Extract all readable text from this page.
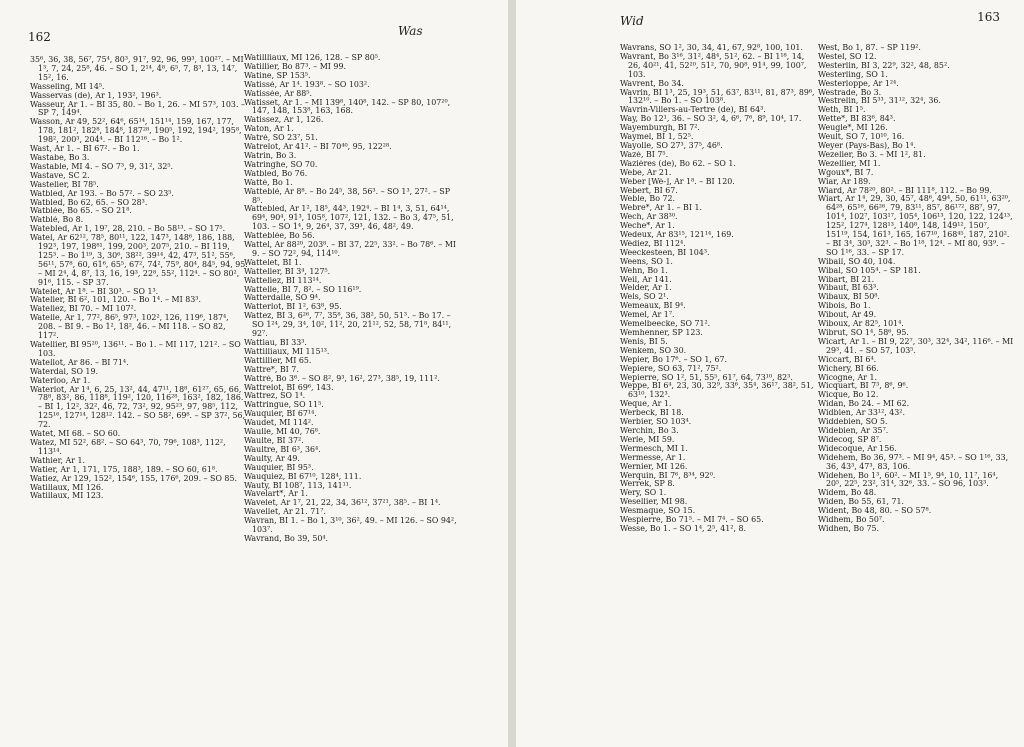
162	Was
35⁶, 36, 38, 56⁷, 75⁴, 80³, 91⁷, 92, 96, 99³, 100²⁷. – MI 1³, 7, 24, 25⁸, 46. – SO 1, 2¹⁴, 4⁸, 6⁵, 7, 8³, 13, 14⁷, 15², 16.
Wasseling, MI 14⁵.
Wasservas (de), Ar 1, 193², 196³.
Wasseur, Ar 1. – BI 35, 80. – Bo 1, 26. – MI 57³, 103. – SP 7, 149⁴.
Wasson, Ar 49, 52², 64⁶, 65¹⁴, 151¹⁴, 159, 167, 177, 178, 181², 182⁸, 184⁸, 187²⁸, 190⁵, 192, 194², 195⁸, 198², 200³, 204⁴. – BI 112¹⁶. – Bo 1².
Wast, Ar 1. – BI 67². – Bo 1.
Wastabe, Bo 3.
Wastable, MI 4. – SO 7³, 9, 31², 32⁵.
Wastave, SC 2.
Wastelier, BI 78⁵.
Watbled, Ar 193. – Bo 57². – SO 23⁵.
Watbled, Bo 62, 65. – SO 28³.
Watblée, Bo 65. – SO 21⁸.
Watblé, Bo 8.
Watebled, Ar 1, 19⁷, 28, 210. – Bo 58¹³. – SO 17⁵.
Watel, Ar 62¹², 78⁵, 80¹¹, 122, 147³, 148⁶, 186, 188, 192³, 197, 198⁸¹, 199, 200³, 207⁵, 210. – BI 119, 125³. – Bo 1¹⁹, 3, 30⁶, 38²², 39¹⁴, 42, 47³, 51², 55⁶, 56¹¹, 57⁸, 60, 61⁶, 65⁵, 67², 74², 75⁹, 80⁴, 84⁵, 94, 95. – MI 2⁴, 4, 8⁷, 13, 16, 19³, 22⁸, 55², 112⁴. – SO 80², 91⁶, 115. – SP 37.
Watelet, Ar 1⁸. – BI 30³. – SO 1³.
Watelier, BI 6², 101, 120. – Bo 1⁴. – MI 83³.
Wateliez, BI 70. – MI 107².
Watelle, Ar 1, 77², 86⁵, 97³, 102², 126, 119⁶, 187⁴, 208. – BI 9. – Bo 1², 18², 46. – MI 118. – SO 82, 117².
Watellier, BI 95²⁰, 136¹¹. – Bo 1. – MI 117, 121². – SO 103.
Watellot, Ar 86. – BI 71⁴.
Waterdal, SO 19.
Waterloo, Ar 1.
Waterlot, Ar 1⁴, 6, 25, 13², 44, 47¹¹, 18⁸, 61²⁷, 65, 66, 78⁸, 83², 86, 118⁸, 119², 120, 116²⁸, 163², 182, 186. – BI 1, 12², 32², 46, 72, 73², 92, 95²³, 97, 98⁵, 112, 125¹⁶, 127¹⁴, 128¹². 142. – SO 58², 69⁸. – SP 37², 56, 72.
Watet, MI 68. – SO 60.
Watez, MI 52², 68². – SO 64³, 70, 79⁶, 108³, 112², 113¹⁴.
Wathier, Ar 1.
Watier, Ar 1, 171, 175, 188³, 189. – SO 60, 61⁸.
Watiez, Ar 129, 152², 154⁶, 155, 176⁶, 209. – SO 85.
Watillaux, MI 126.
Watillaux, MI 123.
Watillliaux, MI 126, 128. – SP 80⁵.
Watillier, Bo 87³. – MI 99.
Watine, SP 153⁵.
Watissé, Ar 1⁴. 193⁸. – SO 103².
Watissée, Ar 88⁵.
Watisset, Ar 1. – MI 139⁸, 140⁸, 142. – SP 80, 107²⁰, 147, 148, 153⁸, 163, 168.
Watissez, Ar 1, 126.
Waton, Ar 1.
Watré, SO 23⁷, 51.
Watrelot, Ar 41². – BI 70⁴⁰, 95, 122²⁸.
Watrin, Bo 3.
Watringhe, SO 70.
Watbled, Bo 76.
Watté, Bo 1.
Watteblé, Ar 8⁸. – Bo 24⁵, 38, 56³. – SO 1³, 27². – SP 8⁵.
Wattebled, Ar 1², 18⁵, 44³, 192⁴. – BI 1⁴, 3, 51, 64¹⁴, 69⁴, 90⁴, 91³, 105⁸, 107², 121, 132. – Bo 3, 47⁵, 51, 103. – SO 1⁴, 9, 26⁴, 37, 39³, 46, 48², 49.
Watteblée, Bo 56.
Wattel, Ar 88²⁰, 203⁸. – BI 37, 22⁵, 33². – Bo 78⁶. – MI 9. – SO 72², 94, 114¹⁰.
Wattelet, BI 1.
Watteller, BI 3⁴, 127⁵.
Watteliez, BI 113¹⁴.
Wattelle, BI 7, 8². – SO 116¹⁹.
Watterdalle, SO 9⁴.
Watterlot, BI 1², 63⁸, 95.
Wattez, BI 3, 6²⁶, 7⁷, 35⁸, 36, 38², 50, 51³. – Bo 17. – SO 1²⁴, 29, 3⁴, 10², 11², 20, 21¹², 52, 58, 71⁸, 84¹¹, 92⁷.
Wattiau, BI 33³.
Wattilliaux, MI 115¹³.
Wattillier, MI 65.
Wattre*, BI 7.
Wattré, Bo 3⁶. – SO 8², 9³, 16², 27³, 38⁵, 19, 111².
Wattrelot, BI 69⁶, 143.
Wattrez, SO 1⁴.
Wattringue, SO 11⁵.
Wauquier, BI 67¹⁴.
Waudet, MI 114².
Waulle, MI 40, 76⁸.
Waulte, BI 37².
Waultre, BI 6³, 36⁴.
Waulty, Ar 49.
Wauquier, BI 95³.
Wauquiez, BI 67¹⁰, 128⁴, 111.
Wauty, BI 108⁷, 113, 141¹¹.
Wavelart*, Ar 1.
Wavelet, Ar 1⁷, 21, 22, 34, 36¹², 37²¹, 38⁵. – BI 1⁴.
Wavellet, Ar 21. 71⁷.
Wavran, BI 1. – Bo 1, 3¹⁰, 36², 49. – MI 126. – SO 94², 103⁷.
Wavrand, Bo 39, 50⁴.
163
Wid
Wavrans, SO 1², 30, 34, 41, 67, 92⁸, 100, 101.
Wavrant, Bo 3¹⁶, 31², 48⁴, 51², 62. – BI 1¹⁸, 14, 26, 40²¹, 41, 52²⁰, 51², 70, 90⁸, 91⁴, 99, 100⁷, 103.
Wavrent, Bo 34.
Wavrin, BI 1³, 25, 19³, 51, 63⁷, 83¹¹, 81, 87³, 89⁶, 132¹⁰. – Bo 1. – SO 103⁸.
Wavrin-Villers-au-Tertre (de), BI 64³.
Way, Bo 12¹, 36. – SO 3², 4, 6⁶, 7⁶, 8⁹, 10⁴, 17.
Wayemburgh, BI 7².
Waymel, BI 1, 52⁵.
Wayolle, SO 27³, 37⁵, 46⁸.
Wazé, BI 7⁵.
Wazières (de), Bo 62. – SO 1.
Webe, Ar 21.
Weber [Wé-], Ar 1⁸. – BI 120.
Webert, BI 67.
Weble, Bo 72.
Webre*, Ar 1. – BI 1.
Wech, Ar 38³⁰.
Weche*, Ar 1.
Wedeux, Ar 83¹⁵, 121¹⁴, 169.
Wédiez, BI 112⁴.
Weeckesteen, BI 104³.
Weens, SO 1.
Wehn, Bo 1.
Weil, Ar 141.
Welder, Ar 1.
Wels, SO 2¹.
Wemeaux, BI 9⁴.
Wemel, Ar 1⁷.
Wemelbeecke, SO 71².
Wemhenner, SP 123.
Wenis, BI 5.
Wenkem, SO 30.
Wepier, Bo 17⁶. – SO 1, 67.
Wepiere, SO 63, 71², 75².
Wepierre, SO 1², 51, 55⁵, 61⁷, 64, 73¹⁰, 82³.
Weppe, BI 6⁴, 23, 30, 32⁹, 33⁶, 35⁴, 36¹⁷, 38², 51, 63¹⁰, 132³.
Weque, Ar 1.
Werbeck, BI 18.
Werbier, SO 103⁴.
Werchin, Bo 3.
Werle, MI 59.
Wermesch, MI 1.
Wermesse, Ar 1.
Wernier, MI 126.
Werquin, BI 7⁶, 8³⁴, 92⁰.
Werrek, SP 8.
Wery, SO 1.
Wesellier, MI 98.
Wesmaque, SO 15.
Wespierre, Bo 71⁵. – MI 7⁴. – SO 65.
Wesse, Bo 1. – SO 1⁴, 2⁵, 41², 8.
West, Bo 1, 87. – SP 119².
Westel, SO 12.
Westerlin, BI 3, 22⁹, 32², 48, 85².
Westerling, SO 1.
Westerloppe, Ar 1²⁴.
Westrade, Bo 3.
Westrelin, BI 5³³, 31¹², 32⁴, 36.
Weth, BI 1⁵.
Wette*, BI 83⁶, 84³.
Weugle*, MI 126.
Weult, SO 7, 10¹⁰, 16.
Weyer (Pays-Bas), Bo 1⁴.
Wezelier, Bo 3. – MI 1², 81.
Wezellier, MI 1.
Wgoux*, BI 7.
Wiar, Ar 189.
Wiard, Ar 78²⁰, 80². – BI 111⁸, 112. – Bo 99.
Wiart, Ar 1⁴, 29, 30, 45⁷, 48⁶, 49⁴, 50, 61¹¹, 63²⁰, 64²⁸, 65¹⁶, 66²⁶, 79, 83¹¹, 85⁷, 86¹⁷², 88⁷, 97, 101⁴, 102⁷, 103¹⁷, 105⁴, 106¹³, 120, 122, 124¹³, 125², 127⁴, 128¹³, 140⁸, 148, 149¹², 150⁷, 151¹⁹, 154, 161³, 165, 167¹⁰, 168⁴⁵, 187, 210². – BI 3⁴, 30³, 32³. – Bo 1¹⁸, 12⁴. – MI 80, 93⁹. – SO 1¹⁶, 33. – SP 17.
Wibail, SO 40, 104.
Wibal, SO 105⁴. – SP 181.
Wibart, BI 21.
Wibaut, BI 63³.
Wibaux, BI 50⁸.
Wibois, Bo 1.
Wibout, Ar 49.
Wiboux, Ar 82⁵, 101⁴.
Wibrut, SO 1⁴, 58⁶, 95.
Wicart, Ar 1. – BI 9, 22⁷, 30³, 32⁴, 34², 116⁶. – MI 29³, 41. – SO 57, 103⁵.
Wiccart, BI 6⁴.
Wichery, BI 66.
Wicogne, Ar 1.
Wicquart, BI 7³, 8⁶, 9⁶.
Wicque, Bo 12.
Widan, Bo 24. – MI 62.
Widbien, Ar 33¹², 43².
Widdebien, SO 5.
Widebien, Ar 35⁷.
Widecoq, SP 8⁷.
Widecoque, Ar 156.
Widehem, Bo 36, 97³. – MI 9⁴, 45³. – SO 1¹⁶, 33, 36, 43³, 47³, 83, 106.
Widehen, Bo 1³, 60². – MI 1⁵, 9⁴, 10, 11⁷, 16⁴, 20⁵, 22⁵, 23², 31⁴, 32⁶, 33. – SO 96, 103³.
Widem, Bo 48.
Widen, Bo 55, 61, 71.
Wident, Bo 48, 80. – SO 57⁸.
Widhem, Bo 50⁷.
Widhen, Bo 75.
